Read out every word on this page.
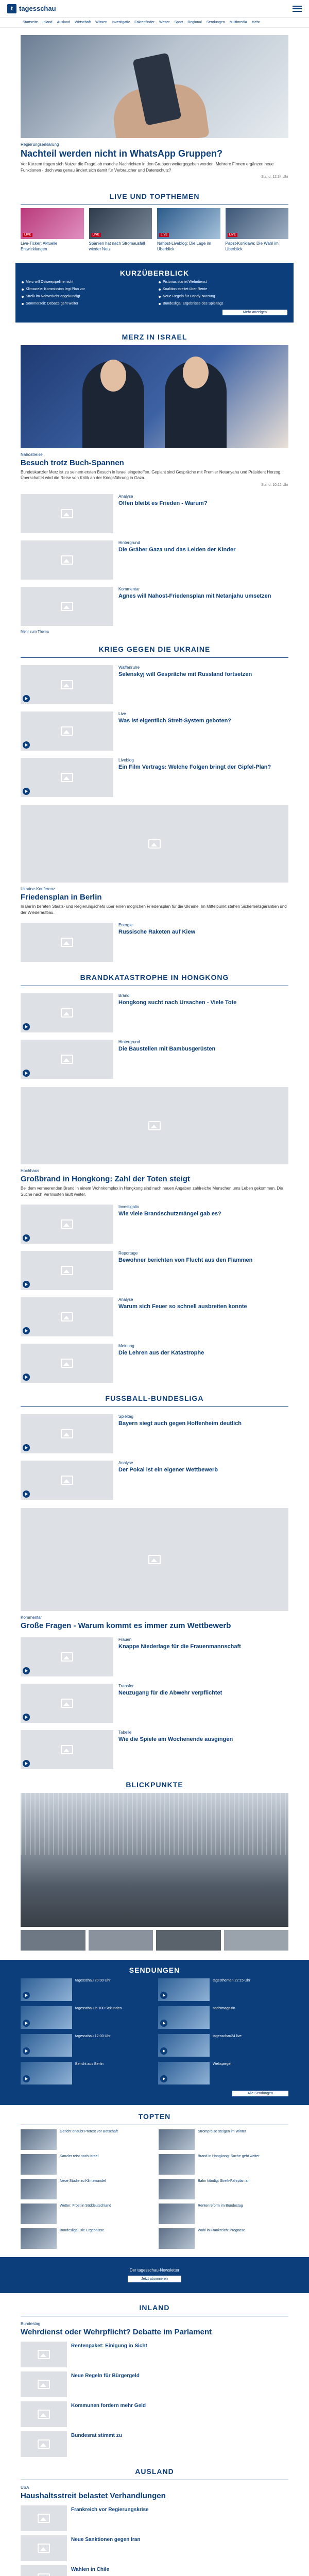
t tagesschau
Startseite Inland Ausland Wirtschaft Wissen Investigativ Faktenfinder Wetter Sport Regional Sendungen Multimedia Mehr
Regierungserklärung
Nachteil werden nicht in WhatsApp Gruppen?
Vor Kurzem fragen sich Nutzer die Frage, ob manche Nachrichten in den Gruppen weitergegeben werden. Mehrere Firmen ergänzen neue Funktionen - doch was genau ändert sich damit für Verbraucher und Datenschutz?
Stand: 12:34 Uhr
LIVE UND TOPTHEMEN
LIVE
Live-Ticker: Aktuelle Entwicklungen
LIVE
Spanien hat nach Stromausfall wieder Netz
LIVE
Nahost-Liveblog: Die Lage im Überblick
LIVE
Papst-Konklave: Die Wahl im Überblick
KURZÜBERBLICK
Merz will Ostseepipeline nicht	Pistorius startet Wehrdienst
Klimaziele: Kommission legt Plan vor	Koalition streitet über Rente
Streik im Nahverkehr angekündigt	Neue Regeln für Handy-Nutzung
Sommerzeit: Debatte geht weiter	Bundesliga: Ergebnisse des Spieltags
Mehr anzeigen
MERZ IN ISRAEL
Nahostreise
Besuch trotz Buch-Spannen
Bundeskanzler Merz ist zu seinem ersten Besuch in Israel eingetroffen. Geplant sind Gespräche mit Premier Netanyahu und Präsident Herzog. Überschattet wird die Reise von Kritik an der Kriegsführung in Gaza.
Stand: 10:12 Uhr
Analyse
Offen bleibt es Frieden - Warum?
Hintergrund
Die Gräber Gaza und das Leiden der Kinder
Kommentar
Agnes will Nahost-Friedensplan mit Netanjahu umsetzen
Mehr zum Thema
KRIEG GEGEN DIE UKRAINE
Waffenruhe
Selenskyj will Gespräche mit Russland fortsetzen
Live
Was ist eigentlich Streit-System geboten?
Liveblog
Ein Film Vertrags: Welche Folgen bringt der Gipfel-Plan?
Ukraine-Konferenz
Friedensplan in Berlin
In Berlin beraten Staats- und Regierungschefs über einen möglichen Friedensplan für die Ukraine. Im Mittelpunkt stehen Sicherheitsgarantien und der Wiederaufbau.
Energie
Russische Raketen auf Kiew
BRANDKATASTROPHE IN HONGKONG
Brand
Hongkong sucht nach Ursachen - Viele Tote
Hintergrund
Die Baustellen mit Bambusgerüsten
Hochhaus
Großbrand in Hongkong: Zahl der Toten steigt
Bei dem verheerenden Brand in einem Wohnkomplex in Hongkong sind nach neuen Angaben zahlreiche Menschen ums Leben gekommen. Die Suche nach Vermissten läuft weiter.
Investigativ
Wie viele Brandschutzmängel gab es?
Reportage
Bewohner berichten von Flucht aus den Flammen
Analyse
Warum sich Feuer so schnell ausbreiten konnte
Meinung
Die Lehren aus der Katastrophe
FUSSBALL-BUNDESLIGA
Spieltag
Bayern siegt auch gegen Hoffenheim deutlich
Analyse
Der Pokal ist ein eigener Wettbewerb
Kommentar
Große Fragen - Warum kommt es immer zum Wettbewerb
Frauen
Knappe Niederlage für die Frauenmannschaft
Transfer
Neuzugang für die Abwehr verpflichtet
Tabelle
Wie die Spiele am Wochenende ausgingen
BLICKPUNKTE
SENDUNGEN
tagesschau 20:00 Uhr	tagesthemen 22:15 Uhr
tagesschau in 100 Sekunden	nachtmagazin
tagesschau 12:00 Uhr	tagesschau24 live
Bericht aus Berlin	Weltspiegel
Alle Sendungen
TOPTEN
Gericht erlaubt Protest vor Botschaft	Strompreise steigen im Winter
Kanzler reist nach Israel	Brand in Hongkong: Suche geht weiter
Neue Studie zu Klimawandel	Bahn kündigt Streik-Fahrplan an
Wetter: Frost in Süddeutschland	Rentenreform im Bundestag
Bundesliga: Die Ergebnisse	Wahl in Frankreich: Prognose
Der tagesschau-Newsletter
Jetzt abonnieren
INLAND
Bundestag
Wehrdienst oder Wehrpflicht? Debatte im Parlament
Rentenpaket: Einigung in Sicht
Neue Regeln für Bürgergeld
Kommunen fordern mehr Geld
Bundesrat stimmt zu
AUSLAND
USA
Haushaltsstreit belastet Verhandlungen
Frankreich vor Regierungskrise
Neue Sanktionen gegen Iran
Wahlen in Chile
